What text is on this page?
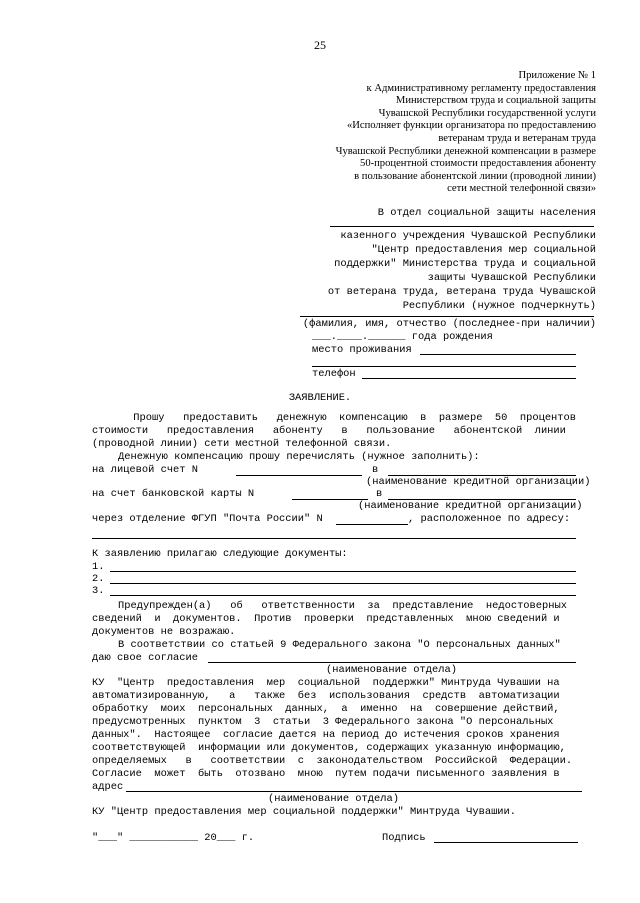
25
Приложение № 1
к Административному регламенту предоставления
Министерством труда и социальной защиты
Чувашской Республики государственной услуги
«Исполняет функции организатора по предоставлению
ветеранам труда и ветеранам труда
Чувашской Республики денежной компенсации в размере
50-процентной стоимости предоставления абоненту
в пользование абонентской линии (проводной линии)
сети местной телефонной связи»
В отдел социальной защиты населения
казенного учреждения Чувашской Республики
"Центр предоставления мер социальной
поддержки" Министерства труда и социальной
защиты Чувашской Республики
от ветерана труда, ветерана труда Чувашской
Республики (нужное подчеркнуть)
(фамилия, имя, отчество (последнее-при наличии)
___.____.______ года рождения
место проживания
телефон
ЗАЯВЛЕНИЕ.
Прошу   предоставить   денежную  компенсацию  в  размере  50  процентов
стоимости   предоставления   абоненту   в   пользование   абонентской  линии
(проводной линии) сети местной телефонной связи.
Денежную компенсацию прошу перечислять (нужное заполнить):
на лицевой счет N	в
(наименование кредитной организации)
на счет банковской карты N	в
(наименование кредитной организации)
через отделение ФГУП "Почта России" N	, расположенное по адресу:
К заявлению прилагаю следующие документы:
1.
2.
3.
Предупрежден(а)   об   ответственности  за  представление  недостоверных
сведений  и  документов.  Против  проверки  представленных  мною сведений и
документов не возражаю.
В соответствии со статьей 9 Федерального закона "О персональных данных"
даю свое согласие
(наименование отдела)
КУ  "Центр  предоставления  мер  социальной  поддержки" Минтруда Чувашии на
автоматизированную,   а   также  без  использования  средств  автоматизации
обработку  моих  персональных  данных,  а  именно  на  совершение действий,
предусмотренных  пунктом  3  статьи  3 Федерального закона "О персональных
данных".  Настоящее  согласие дается на период до истечения сроков хранения
соответствующей  информации или документов, содержащих указанную информацию,
определяемых   в   соответствии  с  законодательством  Российской  Федерации.
Согласие  может  быть  отозвано  мною  путем подачи письменного заявления в
адрес
(наименование отдела)
КУ "Центр предоставления мер социальной поддержки" Минтруда Чувашии.
"___" ___________ 20___ г.	Подпись
